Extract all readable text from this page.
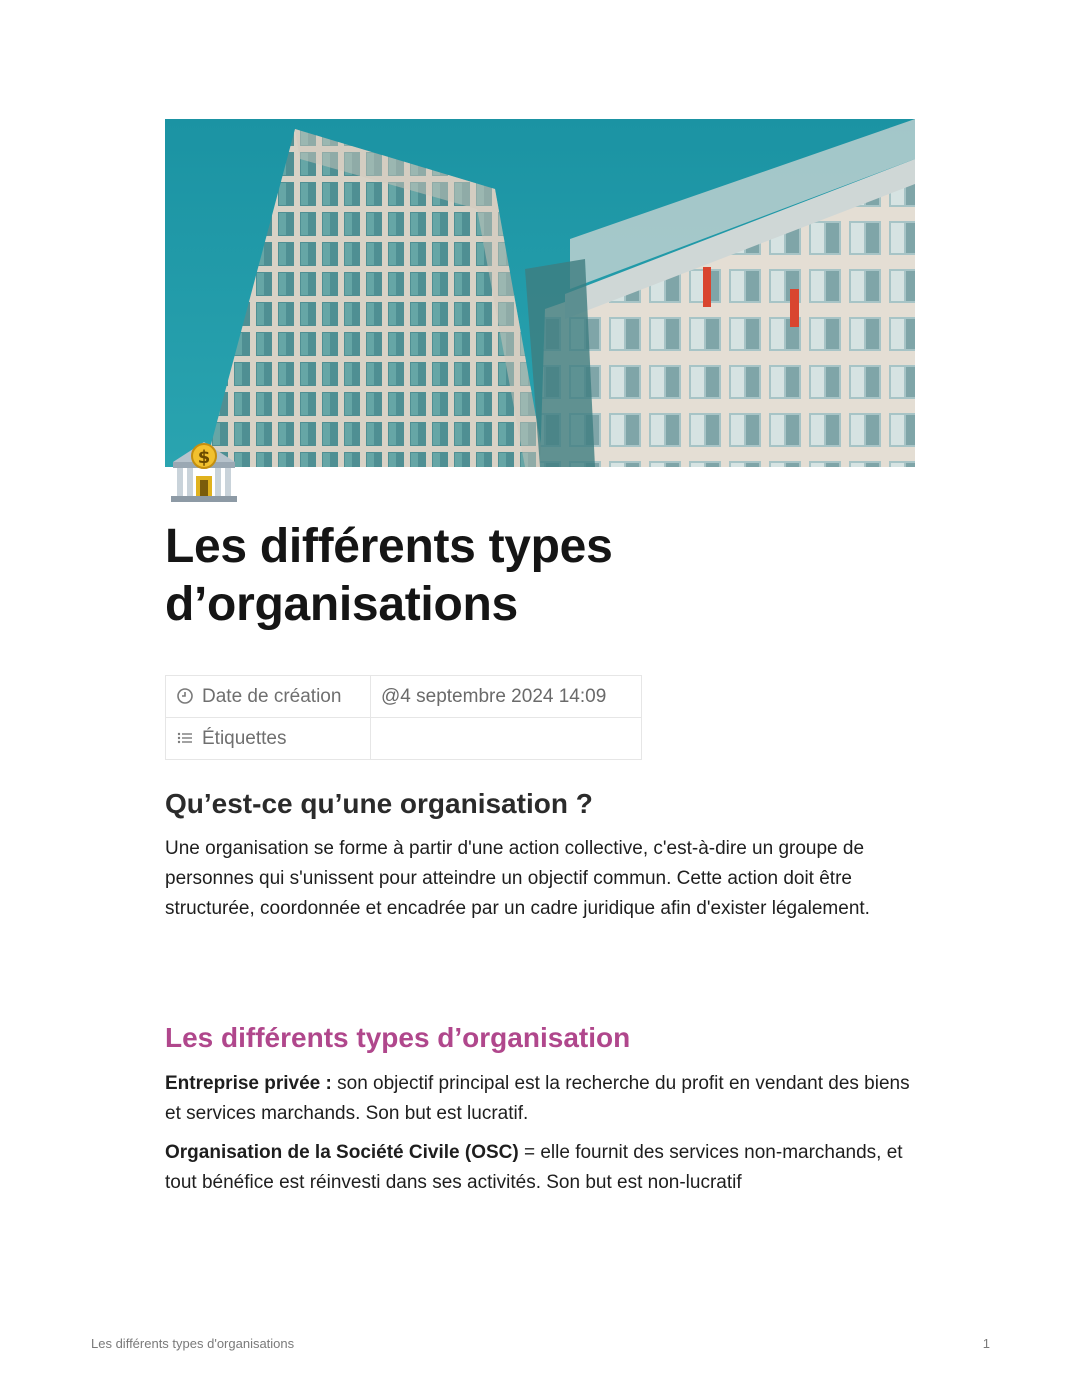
$
Les différents types d’organisations
Date de création	@4 septembre 2024 14:09
Étiquettes	
Qu’est-ce qu’une organisation ?

Une organisation se forme à partir d'une action collective, c'est-à-dire un groupe de personnes qui s'unissent pour atteindre un objectif commun. Cette action doit être structurée, coordonnée et encadrée par un cadre juridique afin d'exister légalement.

Les différents types d’organisation

Entreprise privée : son objectif principal est la recherche du profit en vendant des biens et services marchands. Son but est lucratif.

Organisation de la Société Civile (OSC) = elle fournit des services non-marchands, et tout bénéfice est réinvesti dans ses activités. Son but est non-lucratif

Les différents types d'organisations	1
